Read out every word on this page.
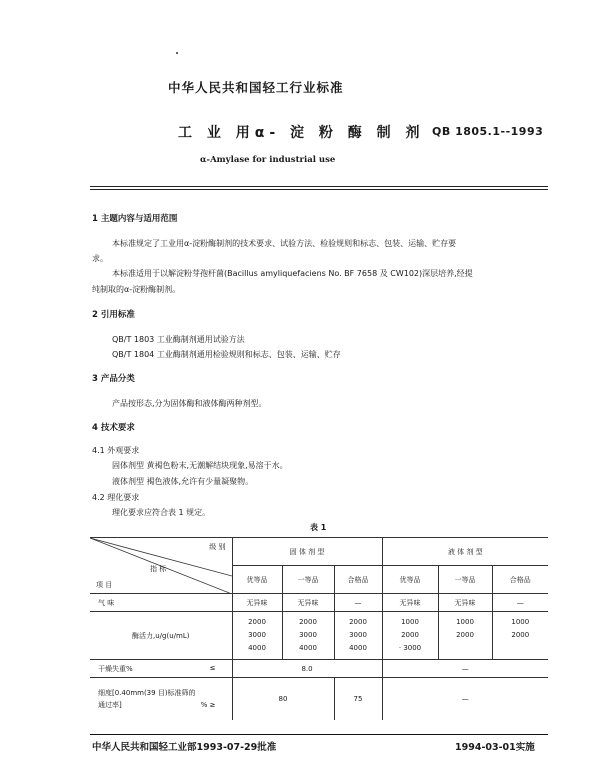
中华人民共和国轻工行业标准
工 业 用α- 淀 粉 酶 制 剂 QB 1805.1--1993
α-Amylase for industrial use
1 主题内容与适用范围
本标准规定了工业用α-淀粉酶制剂的技术要求、试验方法、检验规则和标志、包装、运输、贮存要
求。
本标准适用于以解淀粉芽孢杆菌(Bacillus amyliquefaciens No. BF 7658 及 CW102)深层培养,经提
纯制取的α-淀粉酶制剂。
2 引用标准
QB/T 1803 工业酶制剂通用试验方法
QB/T 1804 工业酶制剂通用检验规则和标志、包装、运输、贮存
3 产品分类
产品按形态,分为固体酶和液体酶两种剂型。
4 技术要求
4.1 外观要求
固体剂型 黄褐色粉末,无潮解结块现象,易溶于水。
液体剂型 褐色液体,允许有少量凝聚物。
4.2 理化要求
理化要求应符合表 1 规定。
表 1
级 别
指 标
项 目	固 体 剂 型			液 体 剂 型		
	优等品	一等品	合格品	优等品	一等品	合格品
气 味	无异味	无异味	—	无异味	无异味	—
酶活力,u/g(u/mL)	2000
3000
4000	2000
3000
4000	2000
3000
4000	1000
2000
· 3000	1000
2000	1000
2000
干燥失重% ≤	8.0			—		

细度[0.40mm(39 目)标准筛的
通过率] % ≥	80		75	—		
中华人民共和国轻工业部1993-07-29批准	1994-03-01实施
